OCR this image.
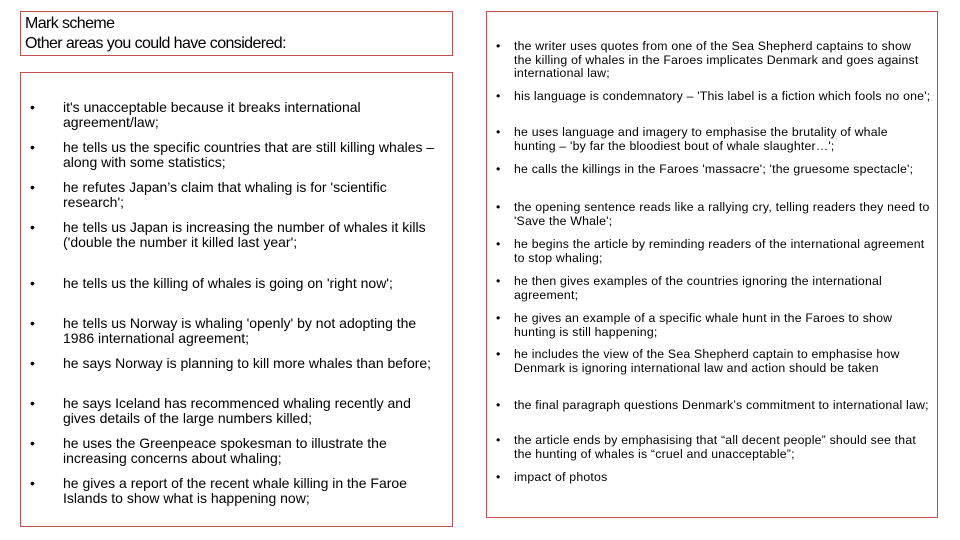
Mark scheme
Other areas you could have considered:
• it's unacceptable because it breaks international agreement/law;
• he tells us the specific countries that are still killing whales – along with some statistics;
• he refutes Japan’s claim that whaling is for 'scientific research';
• he tells us Japan is increasing the number of whales it kills ('double the number it killed last year';
• he tells us the killing of whales is going on 'right now';
• he tells us Norway is whaling 'openly' by not adopting the 1986 international agreement;
• he says Norway is planning to kill more whales than before;
• he says Iceland has recommenced whaling recently and gives details of the large numbers killed;
• he uses the Greenpeace spokesman to illustrate the increasing concerns about whaling;
• he gives a report of the recent whale killing in the Faroe Islands to show what is happening now;
• the writer uses quotes from one of the Sea Shepherd captains to show the killing of whales in the Faroes implicates Denmark and goes against international law;
• his language is condemnatory – 'This label is a fiction which fools no one';
• he uses language and imagery to emphasise the brutality of whale hunting – 'by far the bloodiest bout of whale slaughter…';
• he calls the killings in the Faroes 'massacre'; 'the gruesome spectacle';
• the opening sentence reads like a rallying cry, telling readers they need to 'Save the Whale';
• he begins the article by reminding readers of the international agreement to stop whaling;
• he then gives examples of the countries ignoring the international agreement;
• he gives an example of a specific whale hunt in the Faroes to show hunting is still happening;
• he includes the view of the Sea Shepherd captain to emphasise how Denmark is ignoring international law and action should be taken
• the final paragraph questions Denmark’s commitment to international law;
• the article ends by emphasising that “all decent people” should see that the hunting of whales is “cruel and unacceptable”;
• impact of photos
